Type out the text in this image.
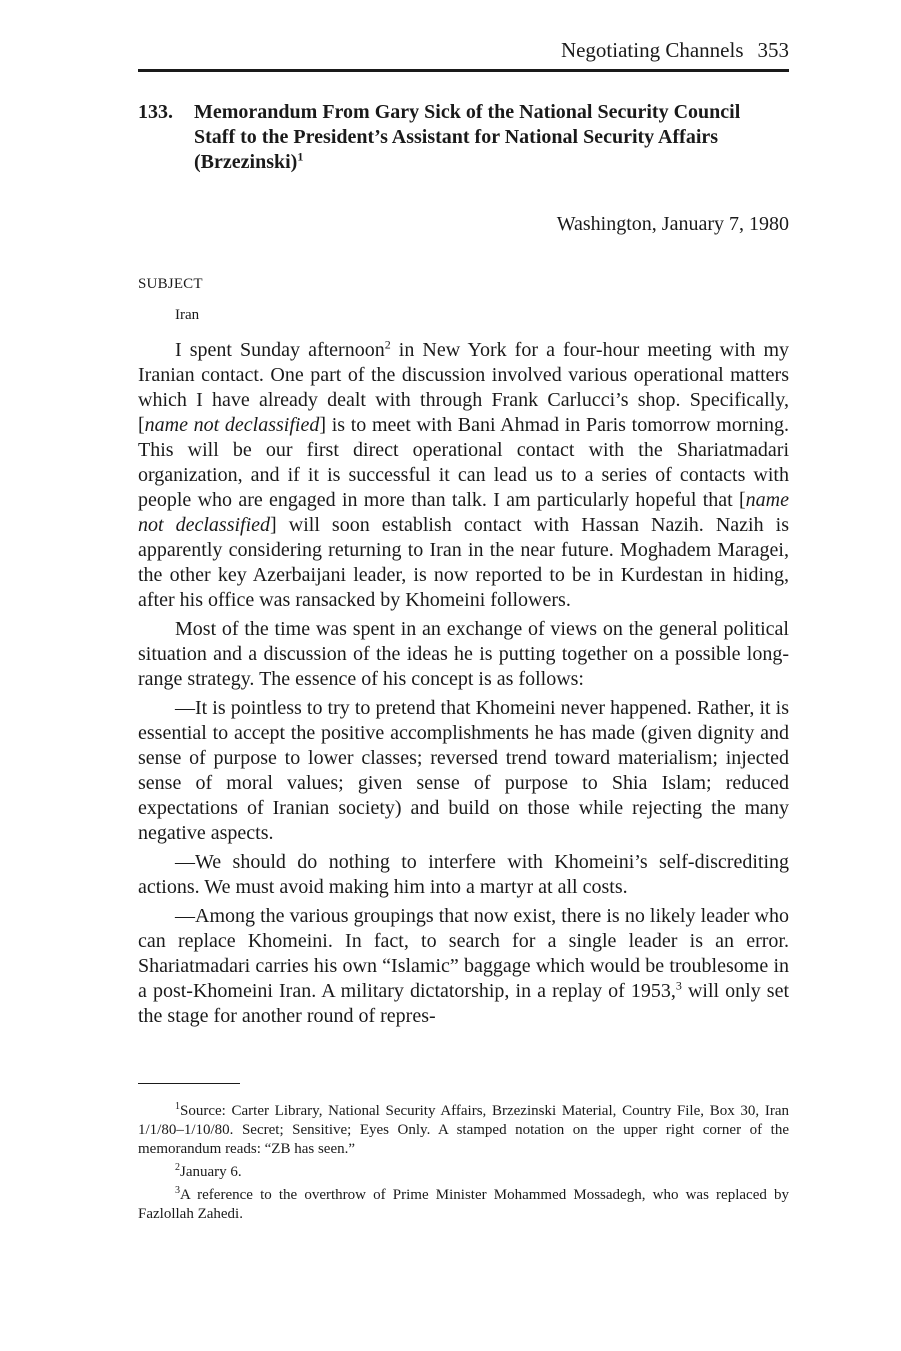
Negotiating Channels 353
133. Memorandum From Gary Sick of the National Security Council Staff to the President’s Assistant for National Security Affairs (Brzezinski)$^1$
Washington, January 7, 1980
SUBJECT
Iran

I spent Sunday afternoon$^2$ in New York for a four-hour meeting with my Iranian contact. One part of the discussion involved various operational matters which I have already dealt with through Frank Carlucci’s shop. Specifically, [name not declassified] is to meet with Bani Ahmad in Paris tomorrow morning. This will be our first direct operational contact with the Shariatmadari organization, and if it is successful it can lead us to a series of contacts with people who are engaged in more than talk. I am particularly hopeful that [name not declassified] will soon establish contact with Hassan Nazih. Nazih is apparently considering returning to Iran in the near future. Moghadem Maragei, the other key Azerbaijani leader, is now reported to be in Kurdestan in hiding, after his office was ransacked by Khomeini followers.

Most of the time was spent in an exchange of views on the general political situation and a discussion of the ideas he is putting together on a possible long-range strategy. The essence of his concept is as follows:

—It is pointless to try to pretend that Khomeini never happened. Rather, it is essential to accept the positive accomplishments he has made (given dignity and sense of purpose to lower classes; reversed trend toward materialism; injected sense of moral values; given sense of purpose to Shia Islam; reduced expectations of Iranian society) and build on those while rejecting the many negative aspects.

—We should do nothing to interfere with Khomeini’s self-discrediting actions. We must avoid making him into a martyr at all costs.

—Among the various groupings that now exist, there is no likely leader who can replace Khomeini. In fact, to search for a single leader is an error. Shariatmadari carries his own “Islamic” baggage which would be troublesome in a post-Khomeini Iran. A military dictatorship, in a replay of 1953,$^3$ will only set the stage for another round of repres-

$^1$Source: Carter Library, National Security Affairs, Brzezinski Material, Country File, Box 30, Iran 1/1/80–1/10/80. Secret; Sensitive; Eyes Only. A stamped notation on the upper right corner of the memorandum reads: “ZB has seen.”

$^2$January 6.

$^3$A reference to the overthrow of Prime Minister Mohammed Mossadegh, who was replaced by Fazlollah Zahedi.
